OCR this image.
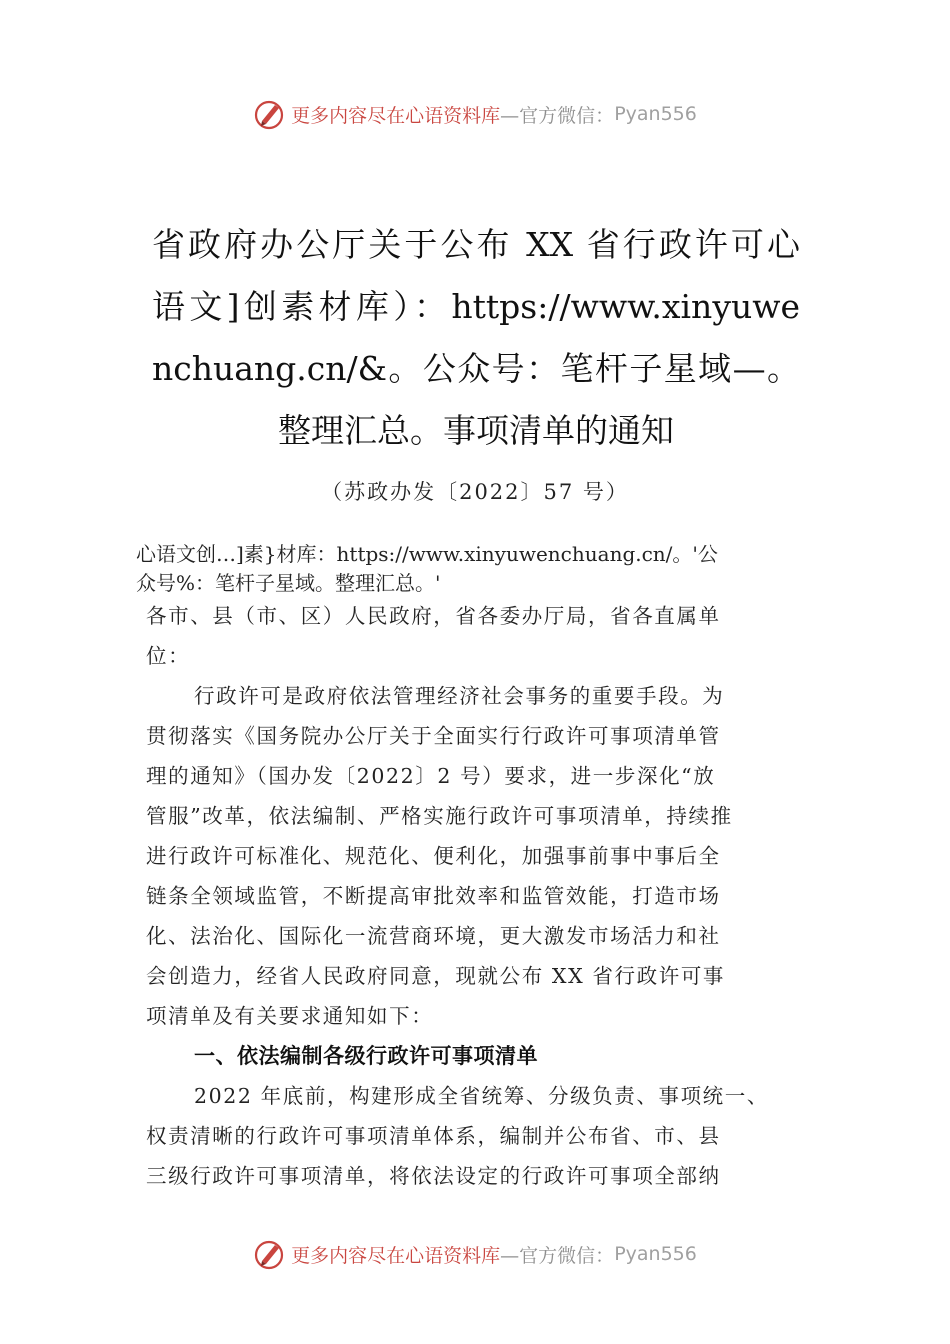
更多内容尽在心语资料库 —官方微信： Pyan556
省政府办公厅关于公布 XX 省行政许可心
语文]创素材库）：https://www.xinyuwe
nchuang.cn/&。公众号：笔杆子星域—。
整理汇总。事项清单的通知
（苏政办发〔2022〕57 号）
心语文创…]素}材库：https://www.xinyuwenchuang.cn/。'公
众号%：笔杆子星域。整理汇总。'
各市、县（市、区）人民政府，省各委办厅局，省各直属单
位：
行政许可是政府依法管理经济社会事务的重要手段。为
贯彻落实《国务院办公厅关于全面实行行政许可事项清单管
理的通知》（国办发〔2022〕2 号）要求，进一步深化“放
管服”改革，依法编制、严格实施行政许可事项清单，持续推
进行政许可标准化、规范化、便利化，加强事前事中事后全
链条全领域监管，不断提高审批效率和监管效能，打造市场
化、法治化、国际化一流营商环境，更大激发市场活力和社
会创造力，经省人民政府同意，现就公布 XX 省行政许可事
项清单及有关要求通知如下：
一、依法编制各级行政许可事项清单
2022 年底前，构建形成全省统筹、分级负责、事项统一、
权责清晰的行政许可事项清单体系，编制并公布省、市、县
三级行政许可事项清单，将依法设定的行政许可事项全部纳
更多内容尽在心语资料库 —官方微信： Pyan556
